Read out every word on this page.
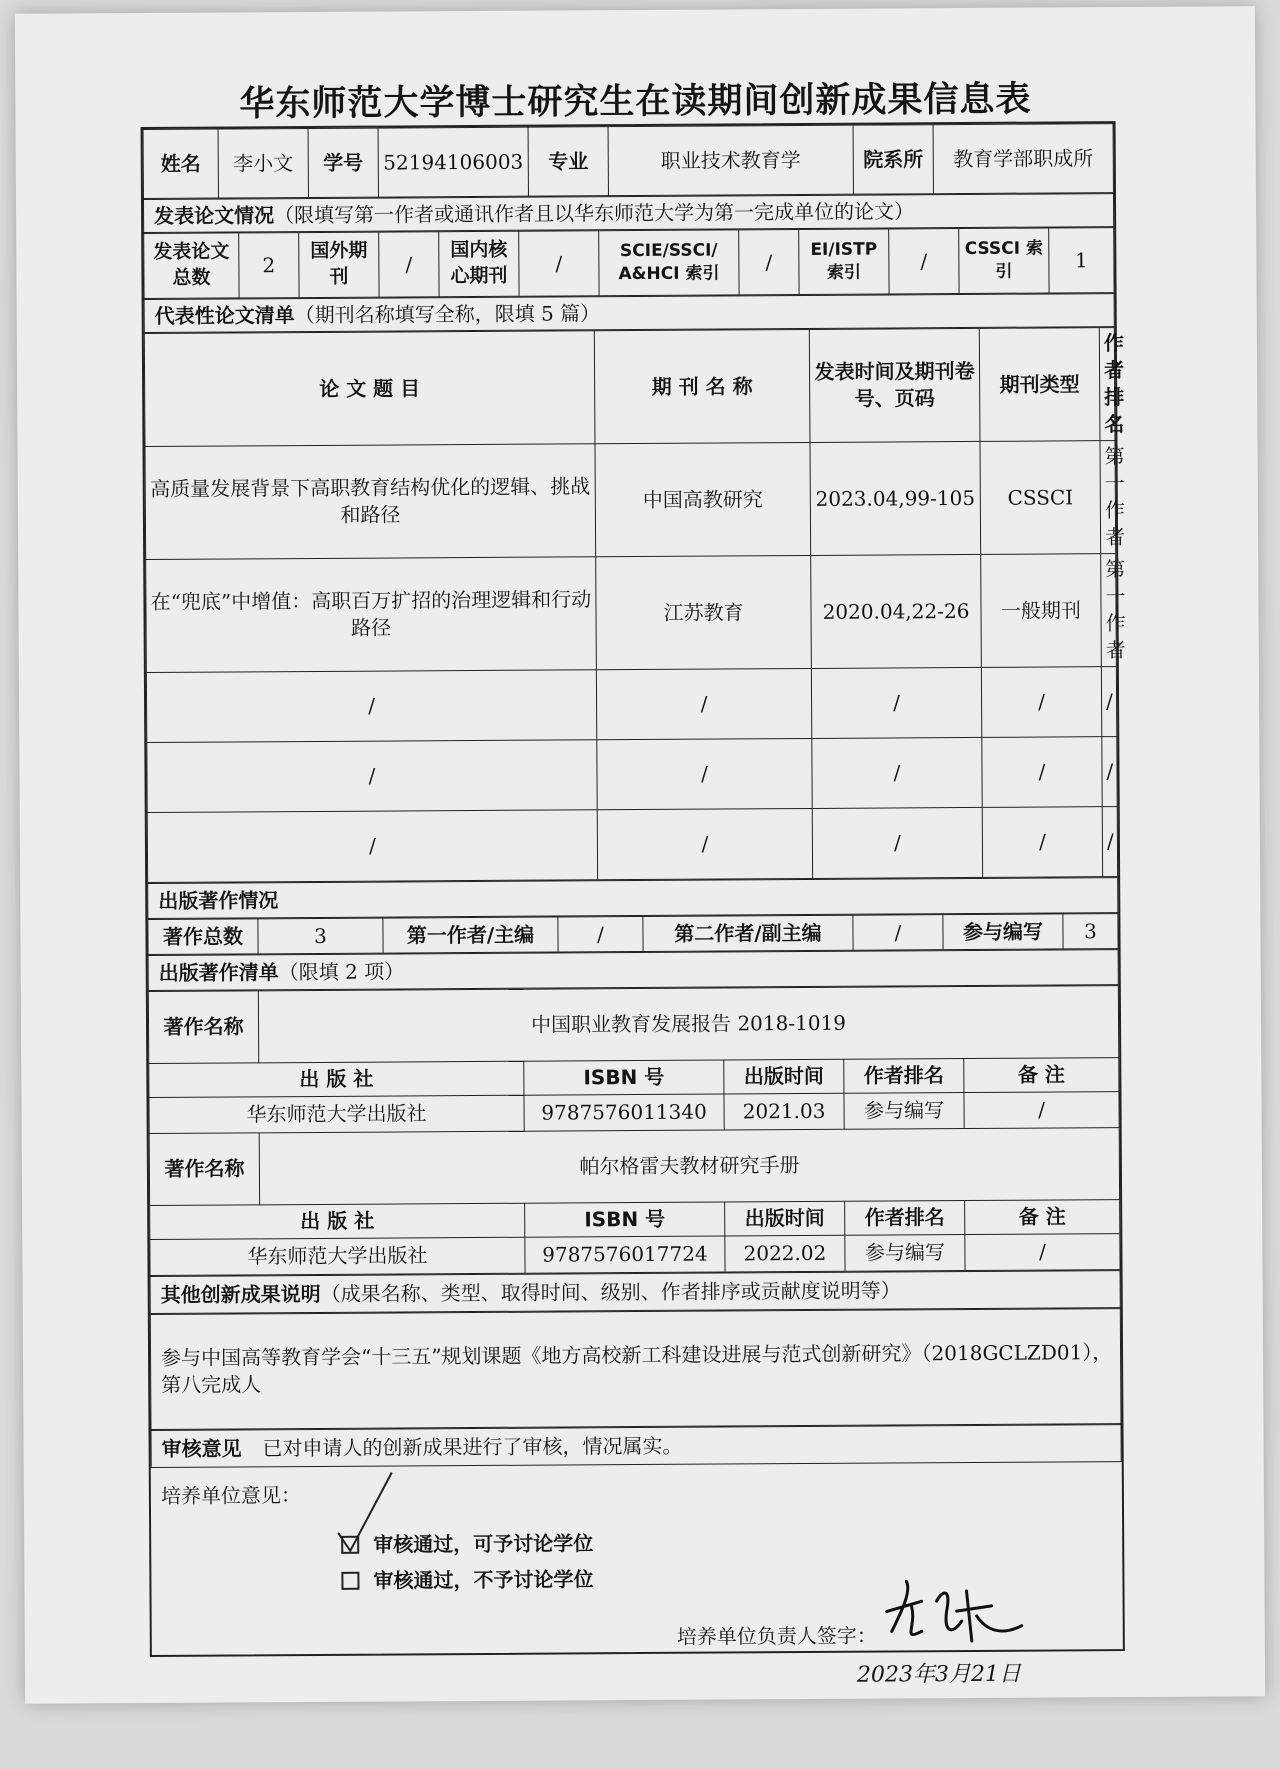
华东师范大学博士研究生在读期间创新成果信息表
姓名	李小文	学号	52194106003	专业	职业技术教育学	院系所	教育学部职成所
发表论文情况（限填写第一作者或通讯作者且以华东师范大学为第一完成单位的论文）
发表论文总数	2	国外期刊	/	国内核心期刊	/	SCIE/SSCI/ A&HCI 索引	/	EI/ISTP 索引	/	CSSCI 索引	1
代表性论文清单（期刊名称填写全称，限填 5 篇）
论 文 题 目	期 刊 名 称	发表时间及期刊卷号、页码	期刊类型	作者排名
高质量发展背景下高职教育结构优化的逻辑、挑战和路径	中国高教研究	2023.04,99-105	CSSCI	第一作者
在“兜底”中增值：高职百万扩招的治理逻辑和行动路径	江苏教育	2020.04,22-26	一般期刊	第一作者
/	/	/	/	/
/	/	/	/	/
/	/	/	/	/
出版著作情况
著作总数	3	第一作者/主编	/	第二作者/副主编	/	参与编写	3
出版著作清单（限填 2 项）
著作名称	中国职业教育发展报告 2018-1019				
出 版 社		ISBN 号	出版时间	作者排名	备 注
华东师范大学出版社		9787576011340	2021.03	参与编写	/
著作名称	帕尔格雷夫教材研究手册				
出 版 社		ISBN 号	出版时间	作者排名	备 注
华东师范大学出版社		9787576017724	2022.02	参与编写	/
其他创新成果说明（成果名称、类型、取得时间、级别、作者排序或贡献度说明等）
参与中国高等教育学会“十三五”规划课题《地方高校新工科建设进展与范式创新研究》（2018GCLZD01），第八完成人
审核意见 已对申请人的创新成果进行了审核，情况属实。
培养单位意见：
审核通过，可予讨论学位
审核通过，不予讨论学位
培养单位负责人签字：
2023年3月21日
